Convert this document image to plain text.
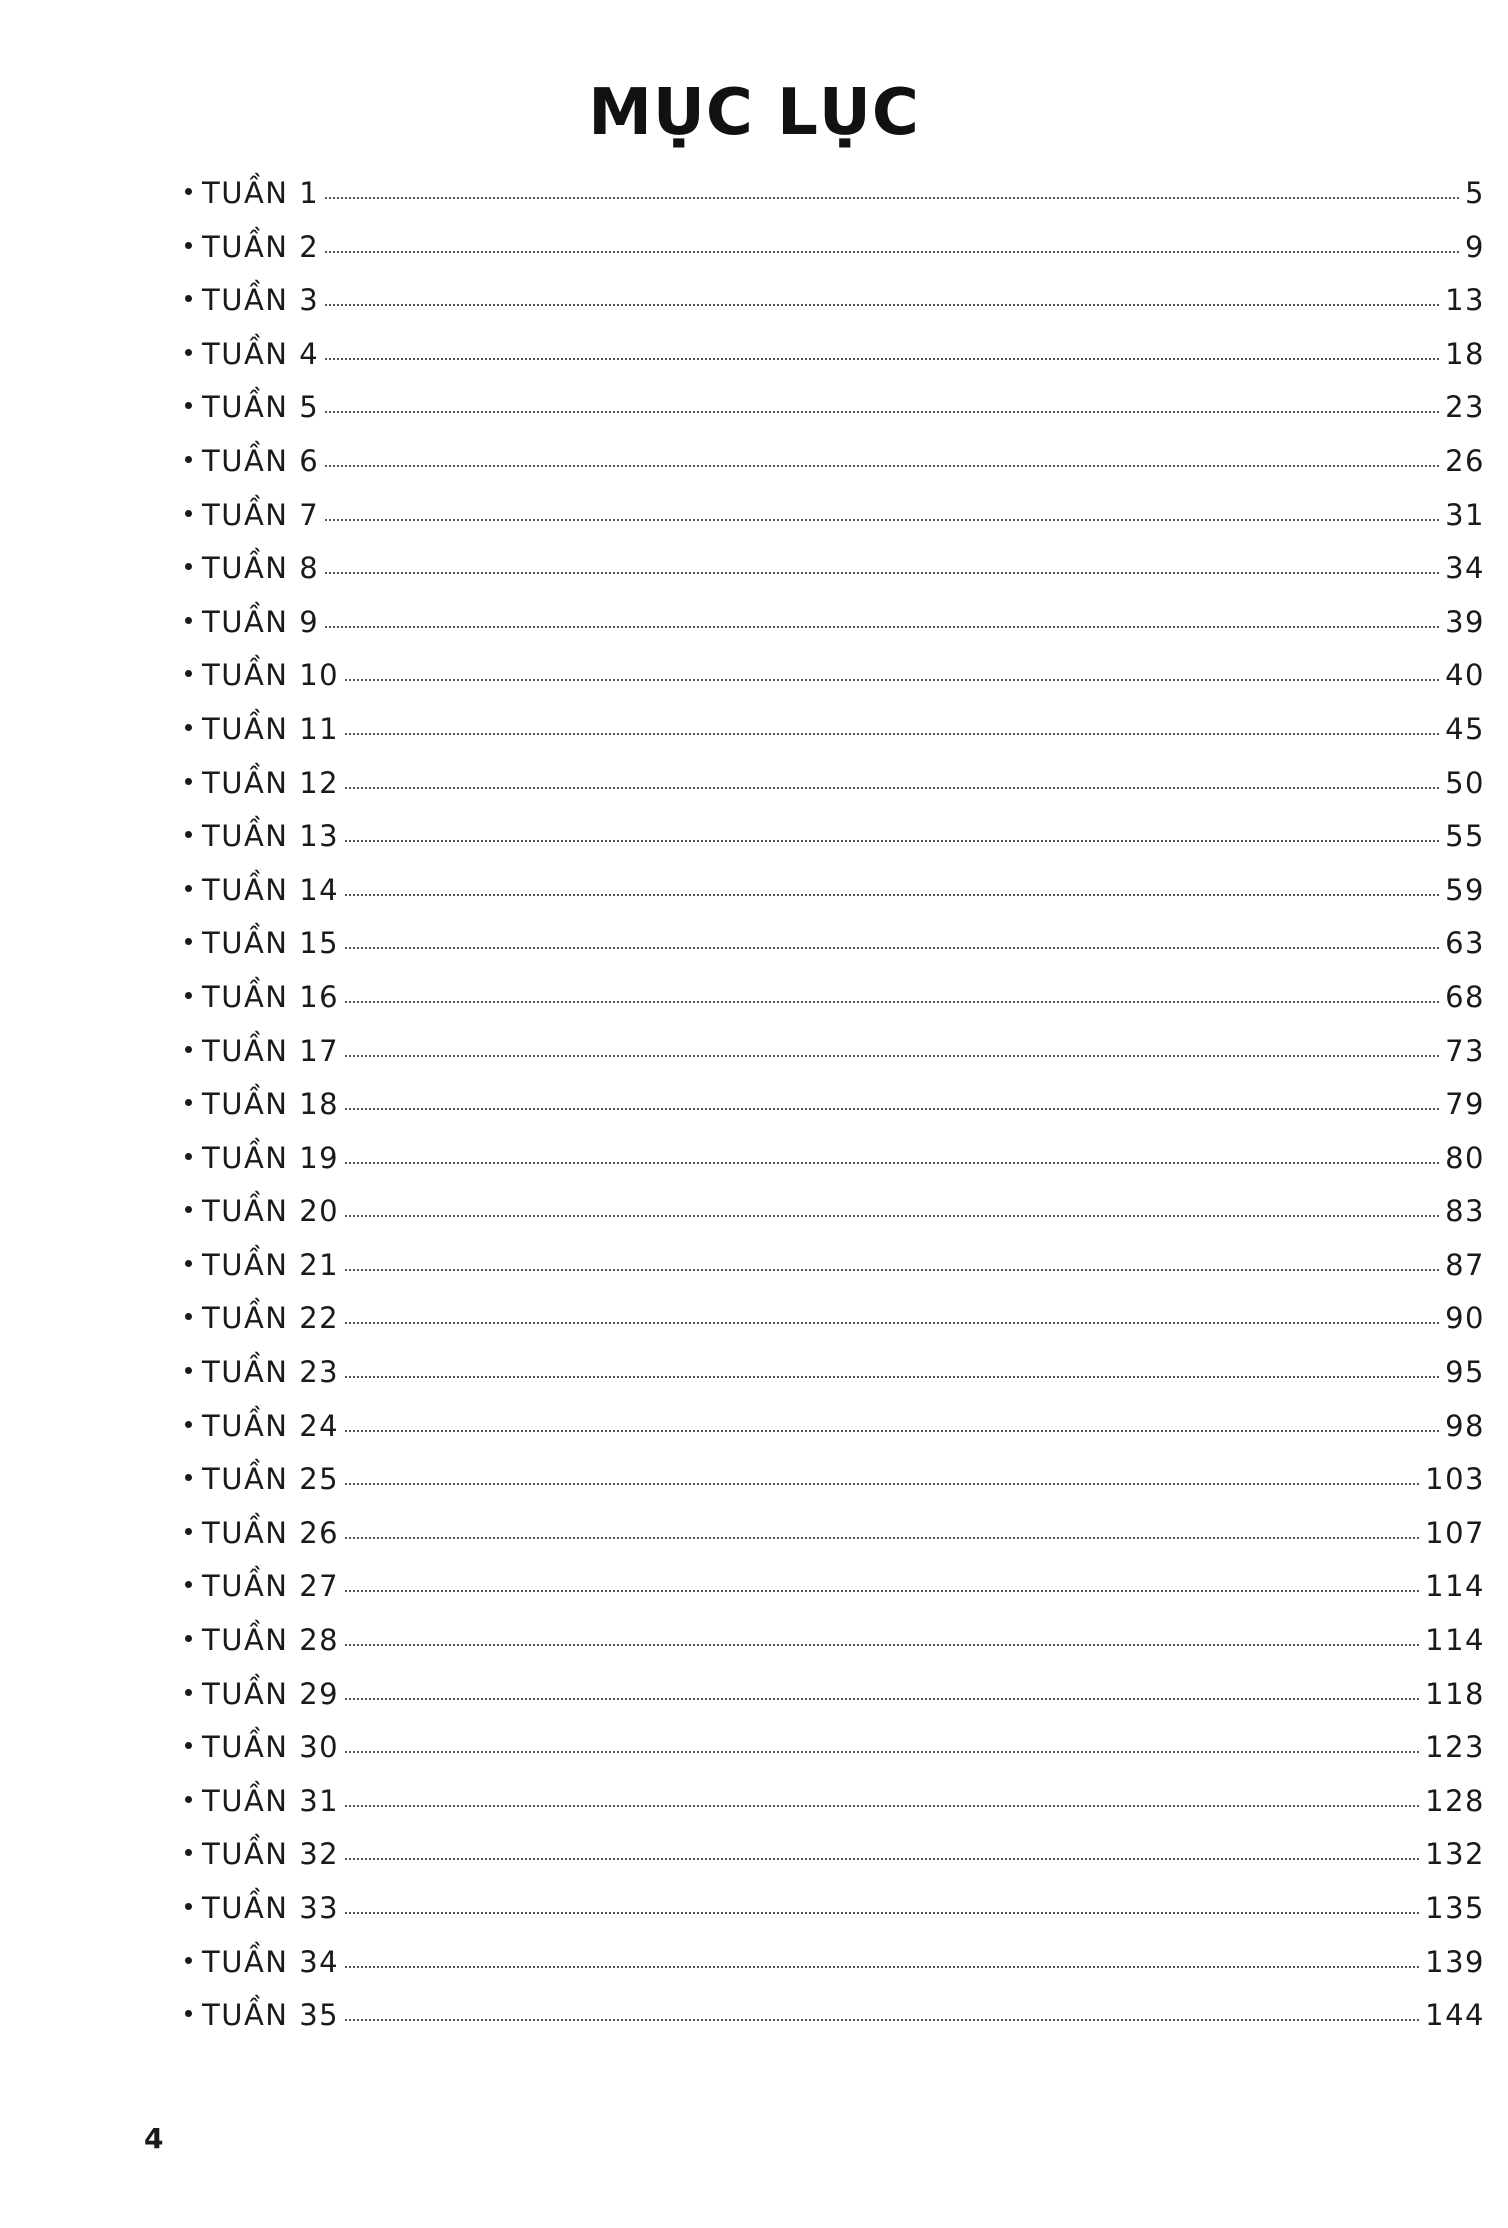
MỤC LỤC
TUẦN 1	5
TUẦN 2	9
TUẦN 3	13
TUẦN 4	18
TUẦN 5	23
TUẦN 6	26
TUẦN 7	31
TUẦN 8	34
TUẦN 9	39
TUẦN 10	40
TUẦN 11	45
TUẦN 12	50
TUẦN 13	55
TUẦN 14	59
TUẦN 15	63
TUẦN 16	68
TUẦN 17	73
TUẦN 18	79
TUẦN 19	80
TUẦN 20	83
TUẦN 21	87
TUẦN 22	90
TUẦN 23	95
TUẦN 24	98
TUẦN 25	103
TUẦN 26	107
TUẦN 27	114
TUẦN 28	114
TUẦN 29	118
TUẦN 30	123
TUẦN 31	128
TUẦN 32	132
TUẦN 33	135
TUẦN 34	139
TUẦN 35	144
4
